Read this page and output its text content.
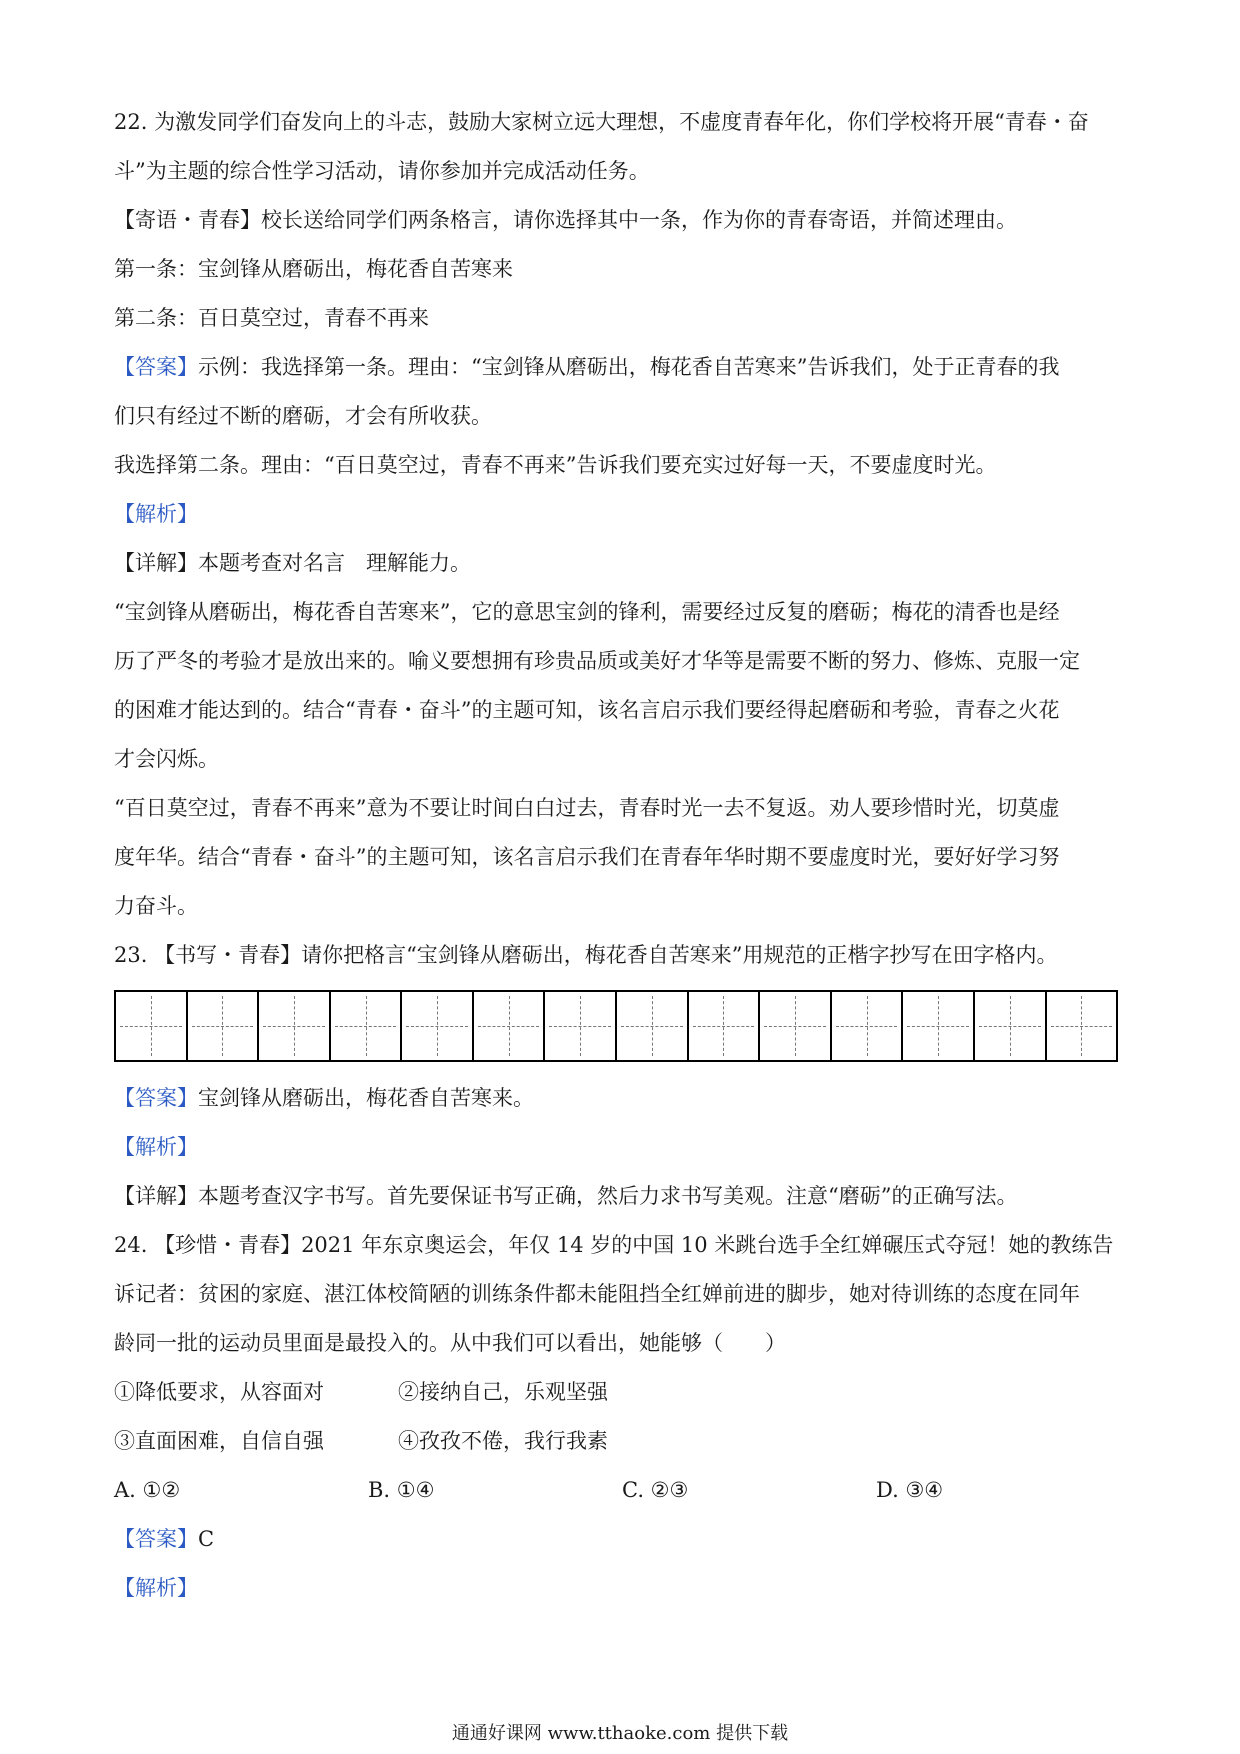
22. 为激发同学们奋发向上的斗志，鼓励大家树立远大理想，不虚度青春年化，你们学校将开展“青春・奋
斗”为主题的综合性学习活动，请你参加并完成活动任务。
【寄语・青春】校长送给同学们两条格言，请你选择其中一条，作为你的青春寄语，并简述理由。
第一条：宝剑锋从磨砺出，梅花香自苦寒来
第二条：百日莫空过，青春不再来
【答案】示例：我选择第一条。理由：“宝剑锋从磨砺出，梅花香自苦寒来”告诉我们，处于正青春的我
们只有经过不断的磨砺，才会有所收获。
我选择第二条。理由：“百日莫空过，青春不再来”告诉我们要充实过好每一天，不要虚度时光。
【解析】
【详解】本题考查对名言　理解能力。
“宝剑锋从磨砺出，梅花香自苦寒来”，它的意思宝剑的锋利，需要经过反复的磨砺；梅花的清香也是经
历了严冬的考验才是放出来的。喻义要想拥有珍贵品质或美好才华等是需要不断的努力、修炼、克服一定
的困难才能达到的。结合“青春・奋斗”的主题可知，该名言启示我们要经得起磨砺和考验，青春之火花
才会闪烁。
“百日莫空过，青春不再来”意为不要让时间白白过去，青春时光一去不复返。劝人要珍惜时光，切莫虚
度年华。结合“青春・奋斗”的主题可知，该名言启示我们在青春年华时期不要虚度时光，要好好学习努
力奋斗。
23. 【书写・青春】请你把格言“宝剑锋从磨砺出，梅花香自苦寒来”用规范的正楷字抄写在田字格内。
【答案】宝剑锋从磨砺出，梅花香自苦寒来。
【解析】
【详解】本题考查汉字书写。首先要保证书写正确，然后力求书写美观。注意“磨砺”的正确写法。
24. 【珍惜・青春】2021 年东京奥运会，年仅 14 岁的中国 10 米跳台选手全红婵碾压式夺冠！她的教练告
诉记者：贫困的家庭、湛江体校简陋的训练条件都未能阻挡全红婵前进的脚步，她对待训练的态度在同年
龄同一批的运动员里面是最投入的。从中我们可以看出，她能够（　　）
①降低要求，从容面对	②接纳自己，乐观坚强
③直面困难，自信自强	④孜孜不倦，我行我素
A. ①②	B. ①④	C. ②③	D. ③④
【答案】C
【解析】
通通好课网 www.tthaoke.com 提供下载
